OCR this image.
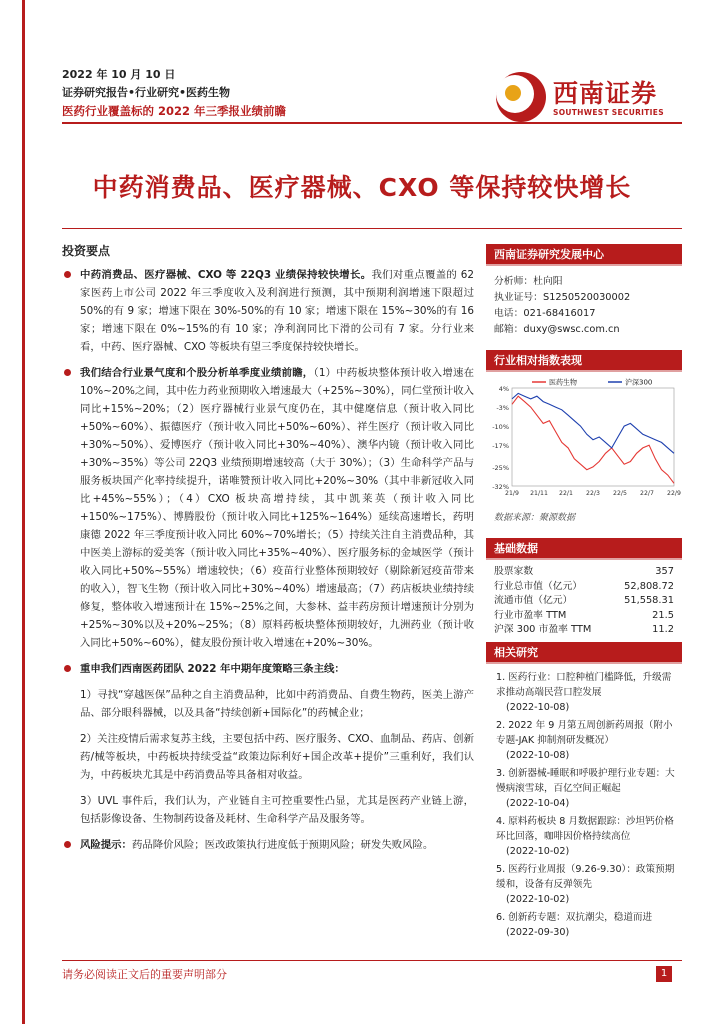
2022 年 10 月 10 日
证券研究报告•行业研究•医药生物
医药行业覆盖标的 2022 年三季报业绩前瞻
西南证券
SOUTHWEST SECURITIES
中药消费品、医疗器械、CXO 等保持较快增长
投资要点
中药消费品、医疗器械、CXO 等 22Q3 业绩保持较快增长。我们对重点覆盖的 62 家医药上市公司 2022 年三季度收入及利润进行预测，其中预期利润增速下限超过 50%的有 9 家；增速下限在 30%-50%的有 10 家；增速下限在 15%~30%的有 16 家；增速下限在 0%~15%的有 10 家；净利润同比下滑的公司有 7 家。分行业来看，中药、医疗器械、CXO 等板块有望三季度保持较快增长。
我们结合行业景气度和个股分析单季度业绩前瞻，（1）中药板块整体预计收入增速在 10%~20%之间，其中佐力药业预期收入增速最大（+25%~30%），同仁堂预计收入同比+15%~20%；（2）医疗器械行业景气度仍在，其中健麾信息（预计收入同比+50%~60%）、振德医疗（预计收入同比+50%~60%）、祥生医疗（预计收入同比+30%~50%）、爱博医疗（预计收入同比+30%~40%）、澳华内镜（预计收入同比+30%~35%）等公司 22Q3 业绩预期增速较高（大于 30%）；（3）生命科学产品与服务板块国产化率持续提升，诺唯赞预计收入同比+20%~30%（其中非新冠收入同比+45%~55%）；（4）CXO 板块高增持续，其中凯莱英（预计收入同比+150%~175%）、博腾股份（预计收入同比+125%~164%）延续高速增长，药明康德 2022 年三季度预计收入同比 60%~70%增长；（5）持续关注自主消费品种，其中医美上游标的爱美客（预计收入同比+35%~40%）、医疗服务标的金域医学（预计收入同比+50%~55%）增速较快；（6）疫苗行业整体预期较好（剔除新冠疫苗带来的收入），智飞生物（预计收入同比+30%~40%）增速最高；（7）药店板块业绩持续修复，整体收入增速预计在 15%~25%之间，大参林、益丰药房预计增速预计分别为+25%~30%以及+20%~25%；（8）原料药板块整体预期较好，九洲药业（预计收入同比+50%~60%），健友股份预计收入增速在+20%~30%。
重申我们西南医药团队 2022 年中期年度策略三条主线：
1）寻找“穿越医保”品种之自主消费品种，比如中药消费品、自费生物药，医美上游产品、部分眼科器械，以及具备“持续创新+国际化”的药械企业；
2）关注疫情后需求复苏主线，主要包括中药、医疗服务、CXO、血制品、药店、创新药/械等板块，中药板块持续受益“政策边际利好+国企改革+提价”三重利好，我们认为，中药板块尤其是中药消费品等具备相对收益。
3）UVL 事件后，我们认为，产业链自主可控重要性凸显，尤其是医药产业链上游，包括影像设备、生物制药设备及耗材、生命科学产品及服务等。
风险提示：药品降价风险；医改政策执行进度低于预期风险；研发失败风险。
西南证券研究发展中心
分析师：杜向阳
执业证号：S1250520030002
电话：021-68416017
邮箱：duxy@swsc.com.cn
行业相对指数表现
4%
-3%
-10%
-17%
-25%
-32%
21/9 21/11 22/1 22/3 22/5 22/7 22/9
医药生物	沪深300
数据来源：聚源数据
基础数据
股票家数	357
行业总市值（亿元）	52,808.72
流通市值（亿元）	51,558.31
行业市盈率 TTM	21.5
沪深 300 市盈率 TTM	11.2
相关研究
1. 医药行业：口腔种植门槛降低，升级需求推动高端民营口腔发展
(2022-10-08)
2. 2022 年 9 月第五周创新药周报（附小专题-JAK 抑制剂研发概况）
(2022-10-08)
3. 创新器械-睡眠和呼吸护理行业专题：大慢病滚雪球，百亿空间正崛起
(2022-10-04)
4. 原料药板块 8 月数据跟踪：沙坦钙价格环比回落，咖啡因价格持续高位
(2022-10-02)
5. 医药行业周报（9.26-9.30）：政策预期缓和，设备有反弹领先
(2022-10-02)
6. 创新药专题：双抗潮尖，稳道而进
(2022-09-30)
请务必阅读正文后的重要声明部分	1
